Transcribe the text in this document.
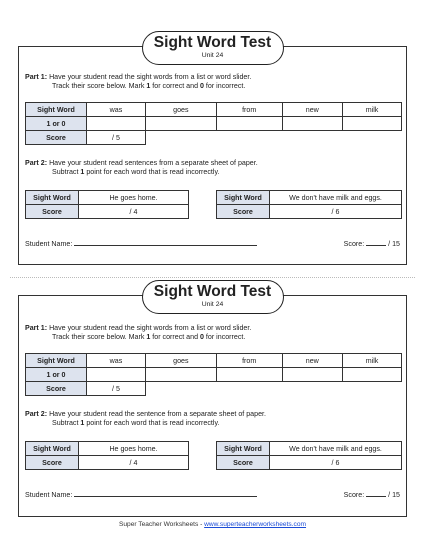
Sight Word Test
Unit 24
Part 1: Have your student read the sight words from a list or word slider.
Track their score below. Mark 1 for correct and 0 for incorrect.
Sight Word	was	goes	from	new	milk
1 or 0					
Score	/ 5				
Part 2: Have your student read sentences from a separate sheet of paper.
Subtract 1 point for each word that is read incorrectly.
Sight Word	He goes home.
Score	/ 4
Sight Word	We don't have milk and eggs.
Score	/ 6
Student Name:	Score:	/ 15
Sight Word Test
Unit 24
Part 1: Have your student read the sight words from a list or word slider.
Track their score below. Mark 1 for correct and 0 for incorrect.
Sight Word	was	goes	from	new	milk
1 or 0					
Score	/ 5				
Part 2: Have your student read the sentence from a separate sheet of paper.
Subtract 1 point for each word that is read incorrectly.
Sight Word	He goes home.
Score	/ 4
Sight Word	We don't have milk and eggs.
Score	/ 6
Student Name:	Score:	/ 15
Super Teacher Worksheets - www.superteacherworksheets.com
